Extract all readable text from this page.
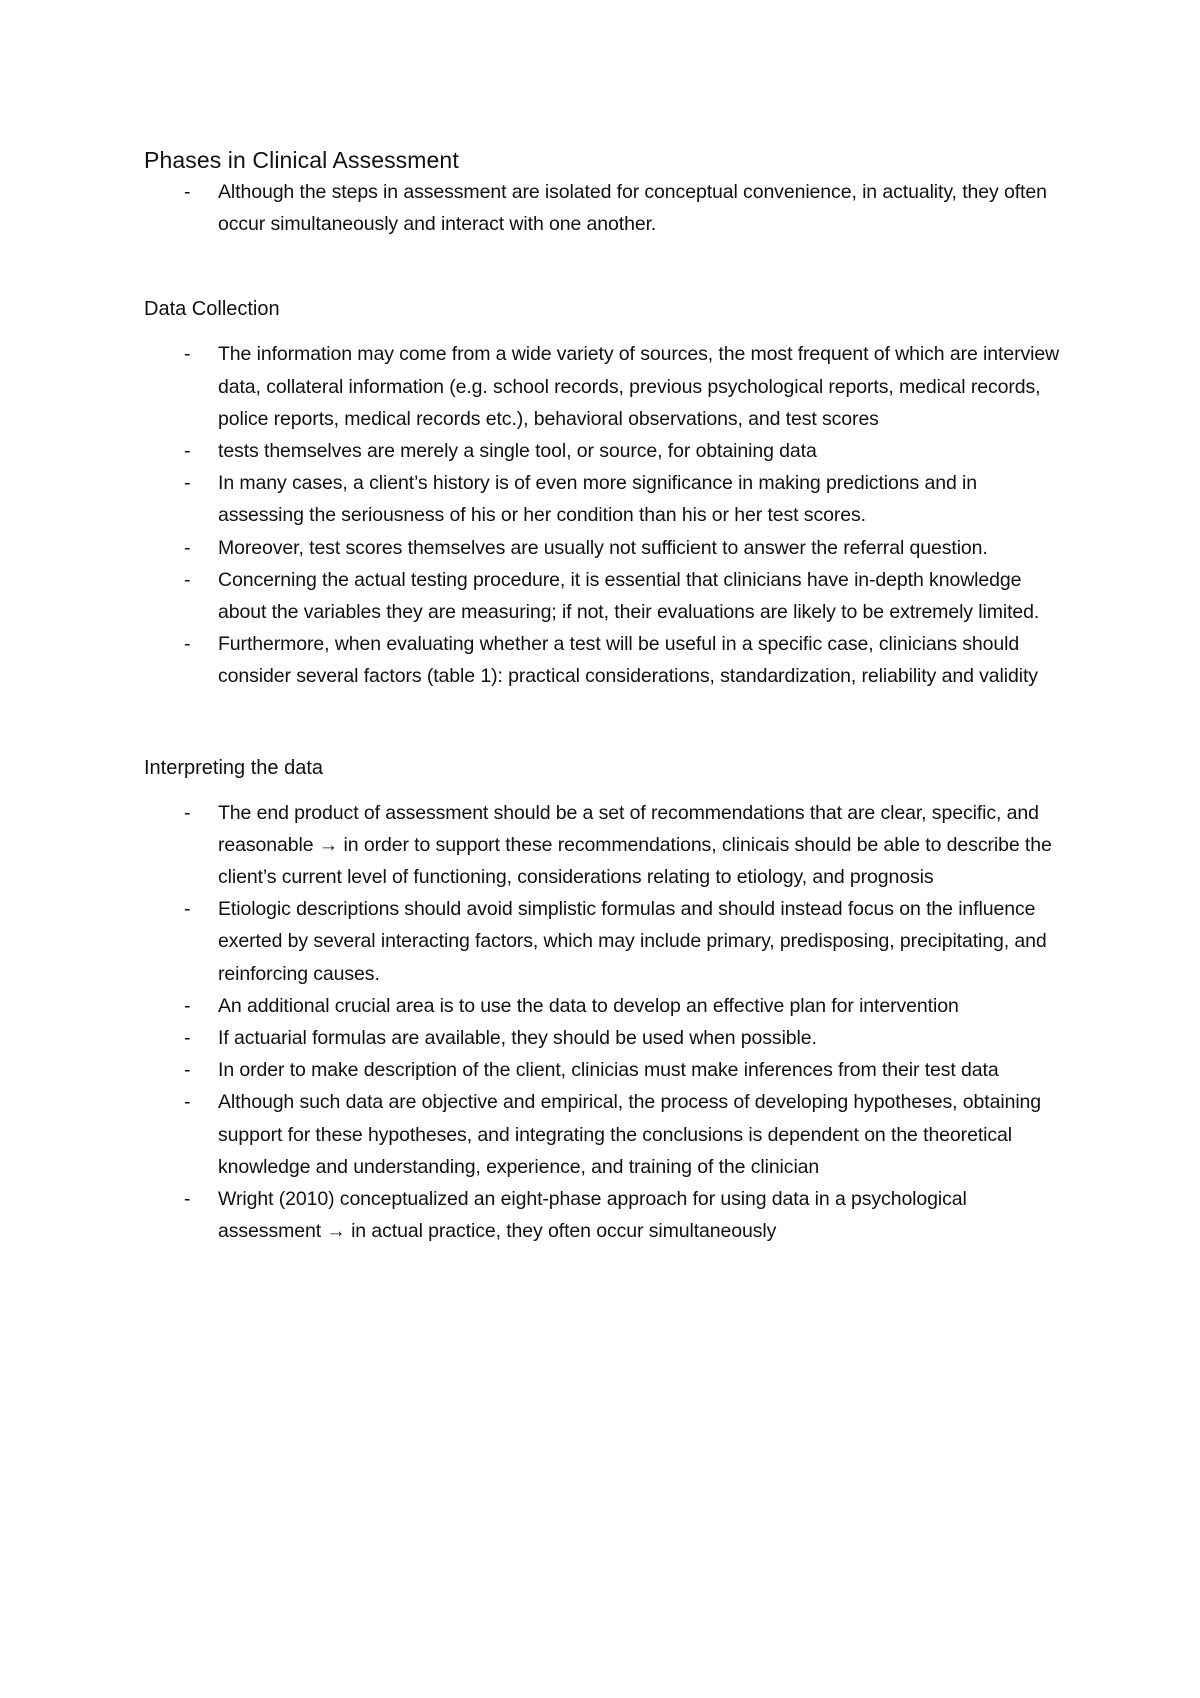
Phases in Clinical Assessment
- Although the steps in assessment are isolated for conceptual convenience, in actuality, they often occur simultaneously and interact with one another.
Data Collection
- The information may come from a wide variety of sources, the most frequent of which are interview data, collateral information (e.g. school records, previous psychological reports, medical records, police reports, medical records etc.), behavioral observations, and test scores
- tests themselves are merely a single tool, or source, for obtaining data
- In many cases, a client’s history is of even more significance in making predictions and in assessing the seriousness of his or her condition than his or her test scores.
- Moreover, test scores themselves are usually not sufficient to answer the referral question.
- Concerning the actual testing procedure, it is essential that clinicians have in-depth knowledge about the variables they are measuring; if not, their evaluations are likely to be extremely limited.
- Furthermore, when evaluating whether a test will be useful in a specific case, clinicians should consider several factors (table 1): practical considerations, standardization, reliability and validity
Interpreting the data
- The end product of assessment should be a set of recommendations that are clear, specific, and reasonable → in order to support these recommendations, clinicais should be able to describe the client’s current level of functioning, considerations relating to etiology, and prognosis
- Etiologic descriptions should avoid simplistic formulas and should instead focus on the influence exerted by several interacting factors, which may include primary, predisposing, precipitating, and reinforcing causes.
- An additional crucial area is to use the data to develop an effective plan for intervention
- If actuarial formulas are available, they should be used when possible.
- In order to make description of the client, clinicias must make inferences from their test data
- Although such data are objective and empirical, the process of developing hypotheses, obtaining support for these hypotheses, and integrating the conclusions is dependent on the theoretical knowledge and understanding, experience, and training of the clinician
- Wright (2010) conceptualized an eight-phase approach for using data in a psychological assessment → in actual practice, they often occur simultaneously
